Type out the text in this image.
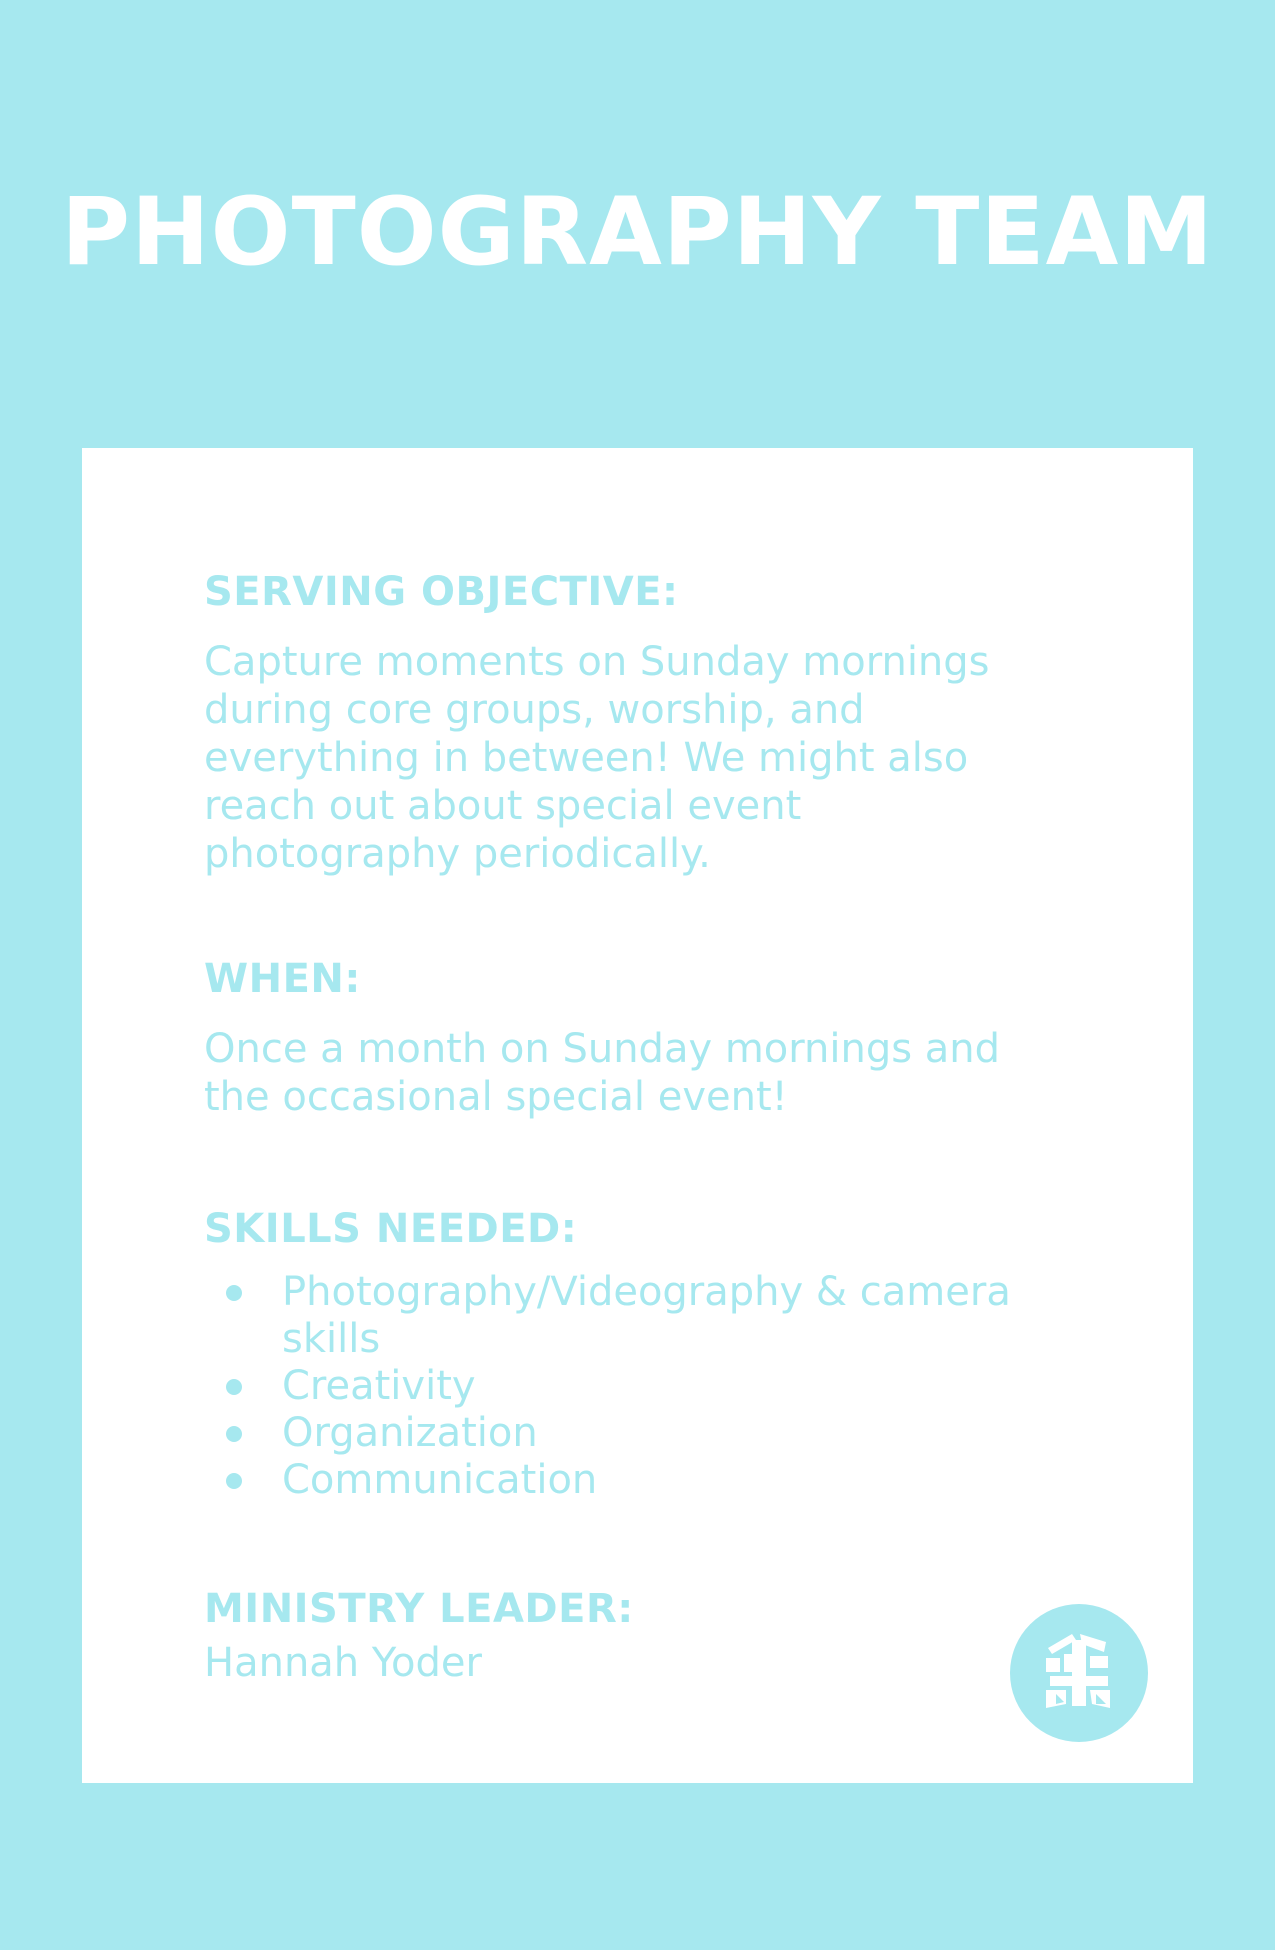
PHOTOGRAPHY TEAM

SERVING OBJECTIVE:

Capture moments on Sunday mornings
during core groups, worship, and
everything in between! We might also
reach out about special event
photography periodically.

WHEN:

Once a month on Sunday mornings and
the occasional special event!

SKILLS NEEDED:

Photography/Videography & camera skills
Creativity
Organization
Communication

MINISTRY LEADER:

Hannah Yoder
